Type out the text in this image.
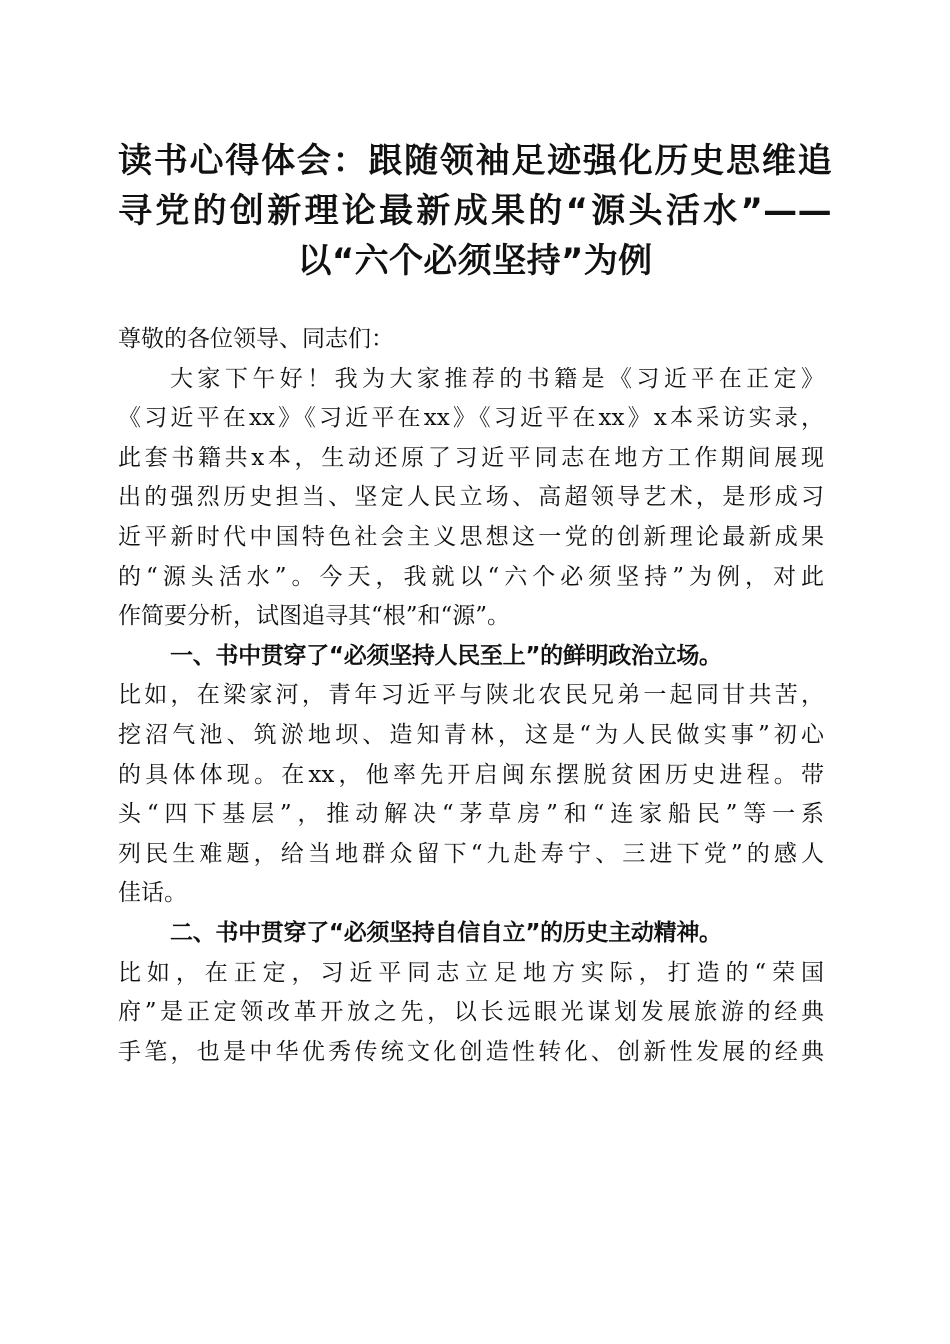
读书心得体会：跟随领袖足迹强化历史思维追
寻党的创新理论最新成果的“源头活水”——
以“六个必须坚持”为例

尊敬的各位领导、同志们：

大家下午好！我为大家推荐的书籍是《习近平在正定》
《习近平在xx》《习近平在xx》《习近平在xx》x本采访实录，
此套书籍共x本，生动还原了习近平同志在地方工作期间展现
出的强烈历史担当、坚定人民立场、高超领导艺术，是形成习
近平新时代中国特色社会主义思想这一党的创新理论最新成果
的“源头活水”。今天，我就以“六个必须坚持”为例，对此
作简要分析，试图追寻其“根”和“源”。
一、书中贯穿了“必须坚持人民至上”的鲜明政治立场。
比如，在梁家河，青年习近平与陕北农民兄弟一起同甘共苦，
挖沼气池、筑淤地坝、造知青林，这是“为人民做实事”初心
的具体体现。在xx，他率先开启闽东摆脱贫困历史进程。带
头“四下基层”，推动解决“茅草房”和“连家船民”等一系
列民生难题，给当地群众留下“九赴寿宁、三进下党”的感人
佳话。
二、书中贯穿了“必须坚持自信自立”的历史主动精神。
比如，在正定，习近平同志立足地方实际，打造的“荣国
府”是正定领改革开放之先，以长远眼光谋划发展旅游的经典
手笔，也是中华优秀传统文化创造性转化、创新性发展的经典
